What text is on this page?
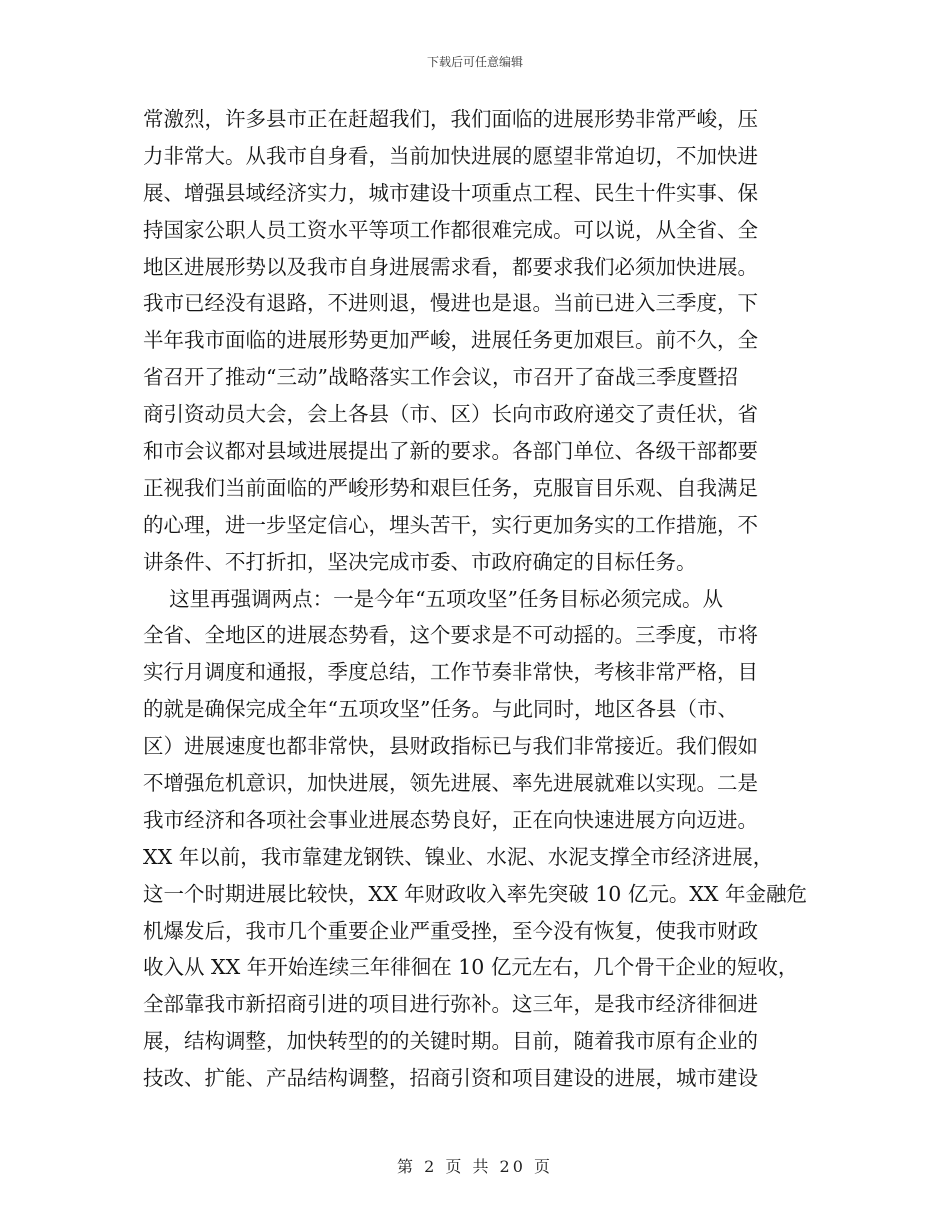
下载后可任意编辑
常激烈，许多县市正在赶超我们，我们面临的进展形势非常严峻，压
力非常大。从我市自身看，当前加快进展的愿望非常迫切，不加快进
展、增强县域经济实力，城市建设十项重点工程、民生十件实事、保
持国家公职人员工资水平等项工作都很难完成。可以说，从全省、全
地区进展形势以及我市自身进展需求看，都要求我们必须加快进展。
我市已经没有退路，不进则退，慢进也是退。当前已进入三季度，下
半年我市面临的进展形势更加严峻，进展任务更加艰巨。前不久，全
省召开了推动“三动”战略落实工作会议，市召开了奋战三季度暨招
商引资动员大会，会上各县（市、区）长向市政府递交了责任状，省
和市会议都对县域进展提出了新的要求。各部门单位、各级干部都要
正视我们当前面临的严峻形势和艰巨任务，克服盲目乐观、自我满足
的心理，进一步坚定信心，埋头苦干，实行更加务实的工作措施，不
讲条件、不打折扣，坚决完成市委、市政府确定的目标任务。
这里再强调两点：一是今年“五项攻坚”任务目标必须完成。从
全省、全地区的进展态势看，这个要求是不可动摇的。三季度，市将
实行月调度和通报，季度总结，工作节奏非常快，考核非常严格，目
的就是确保完成全年“五项攻坚”任务。与此同时，地区各县（市、
区）进展速度也都非常快，县财政指标已与我们非常接近。我们假如
不增强危机意识，加快进展，领先进展、率先进展就难以实现。二是
我市经济和各项社会事业进展态势良好，正在向快速进展方向迈进。
XX 年以前，我市靠建龙钢铁、镍业、水泥、水泥支撑全市经济进展，
这一个时期进展比较快，XX 年财政收入率先突破 10 亿元。XX 年金融危
机爆发后，我市几个重要企业严重受挫，至今没有恢复，使我市财政
收入从 XX 年开始连续三年徘徊在 10 亿元左右，几个骨干企业的短收，
全部靠我市新招商引进的项目进行弥补。这三年，是我市经济徘徊进
展，结构调整，加快转型的的关键时期。目前，随着我市原有企业的
技改、扩能、产品结构调整，招商引资和项目建设的进展，城市建设
第 2 页 共 20 页
